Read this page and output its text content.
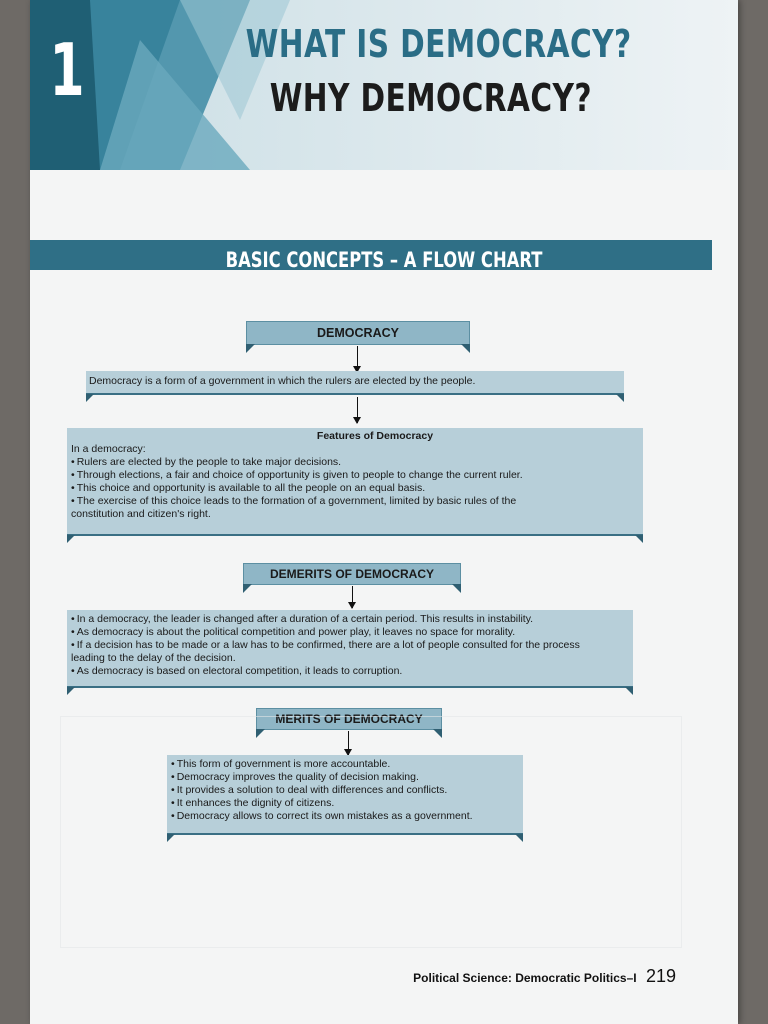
1	WHAT IS DEMOCRACY?
WHY DEMOCRACY?
BASIC CONCEPTS – A FLOW CHART
DEMOCRACY
Democracy is a form of a government in which the rulers are elected by the people.
Features of Democracy
In a democracy:
• Rulers are elected by the people to take major decisions.
• Through elections, a fair and choice of opportunity is given to people to change the current ruler.
• This choice and opportunity is available to all the people on an equal basis.
• The exercise of this choice leads to the formation of a government, limited by basic rules of the constitution and citizen's right.
DEMERITS OF DEMOCRACY
• In a democracy, the leader is changed after a duration of a certain period. This results in instability.
• As democracy is about the political competition and power play, it leaves no space for morality.
• If a decision has to be made or a law has to be confirmed, there are a lot of people consulted for the process leading to the delay of the decision.
• As democracy is based on electoral competition, it leads to corruption.
MERITS OF DEMOCRACY
• This form of government is more accountable.
• Democracy improves the quality of decision making.
• It provides a solution to deal with differences and conflicts.
• It enhances the dignity of citizens.
• Democracy allows to correct its own mistakes as a government.
Political Science: Democratic Politics–I 219
